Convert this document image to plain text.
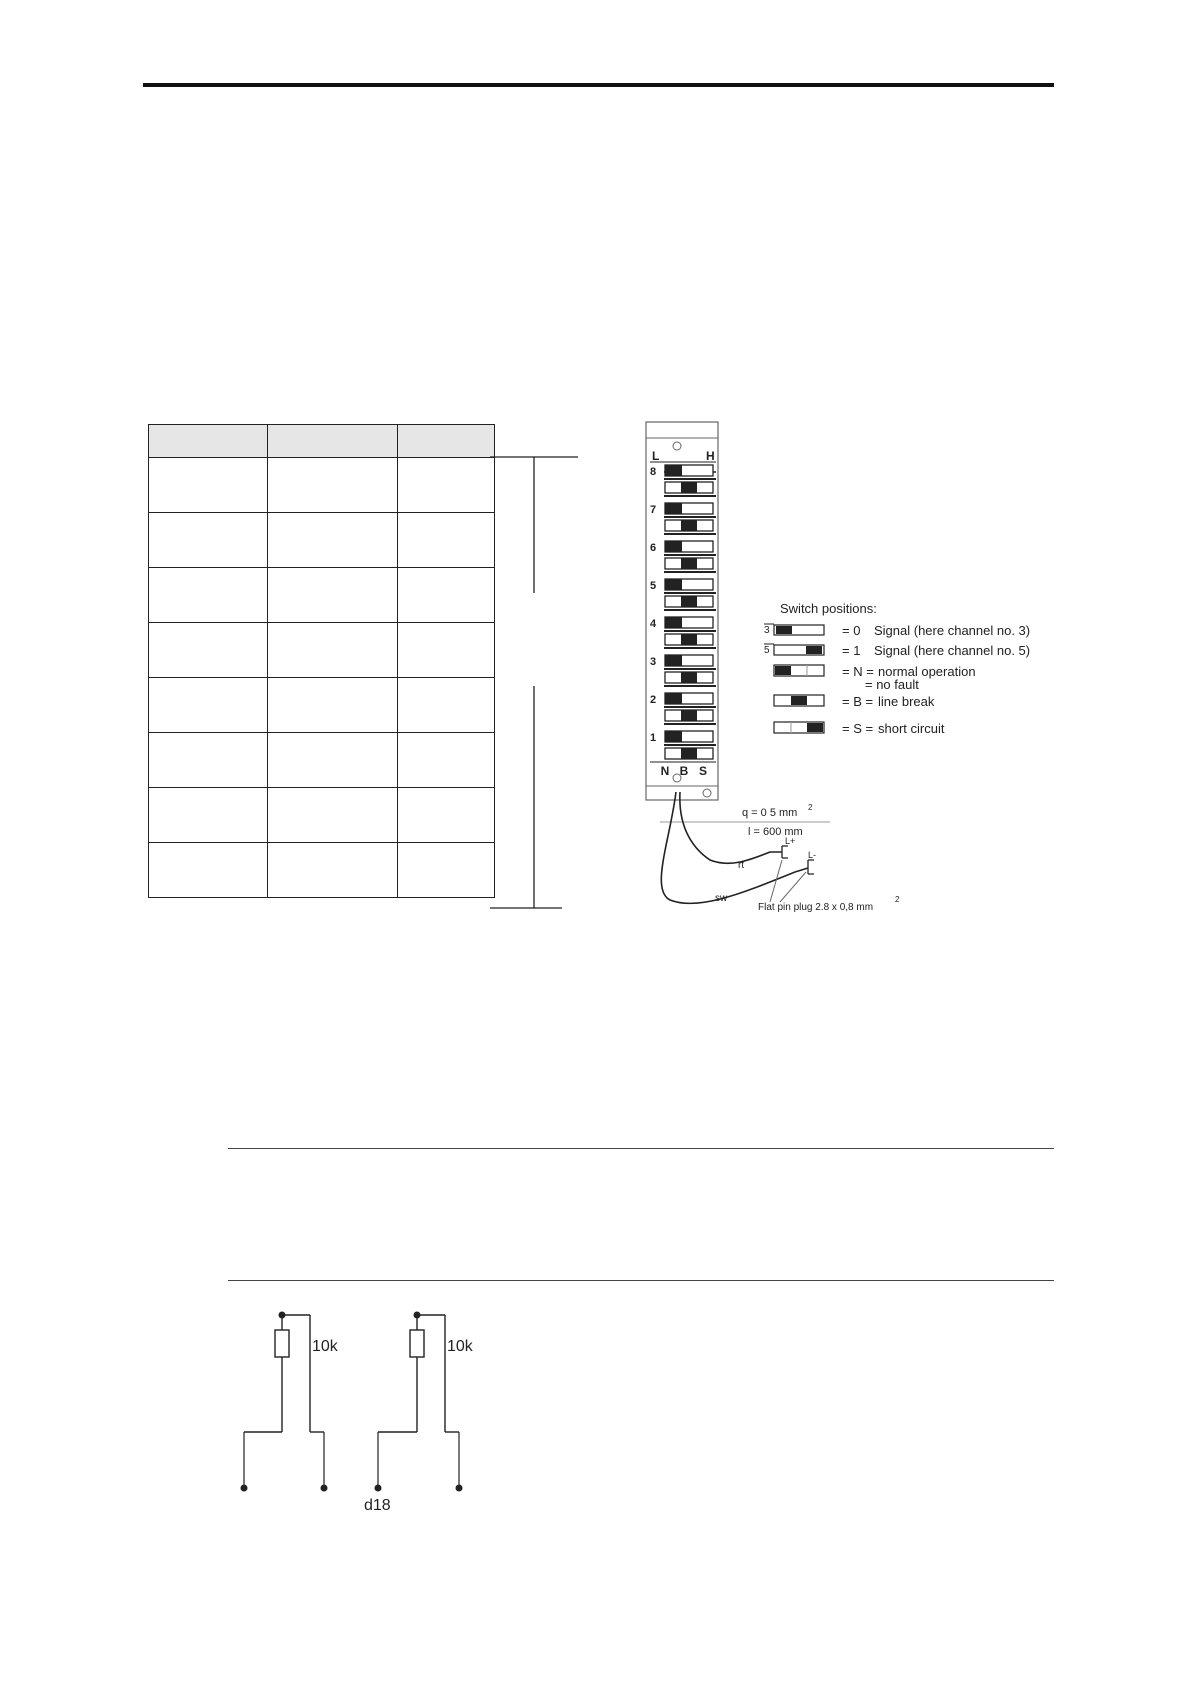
L	H
8
7
6
5
4
3
2
1
N B S
Switch positions:
3	= 0 Signal (here channel no. 3)
5	= 1 Signal (here channel no. 5)
= N = normal operation
= no fault
= B = line break
= S = short circuit
q = 0 5 mm 2
l = 600 mm
L+
L-
rt
sw
Flat pin plug 2.8 x 0,8 mm
2
10k	10k
d18
